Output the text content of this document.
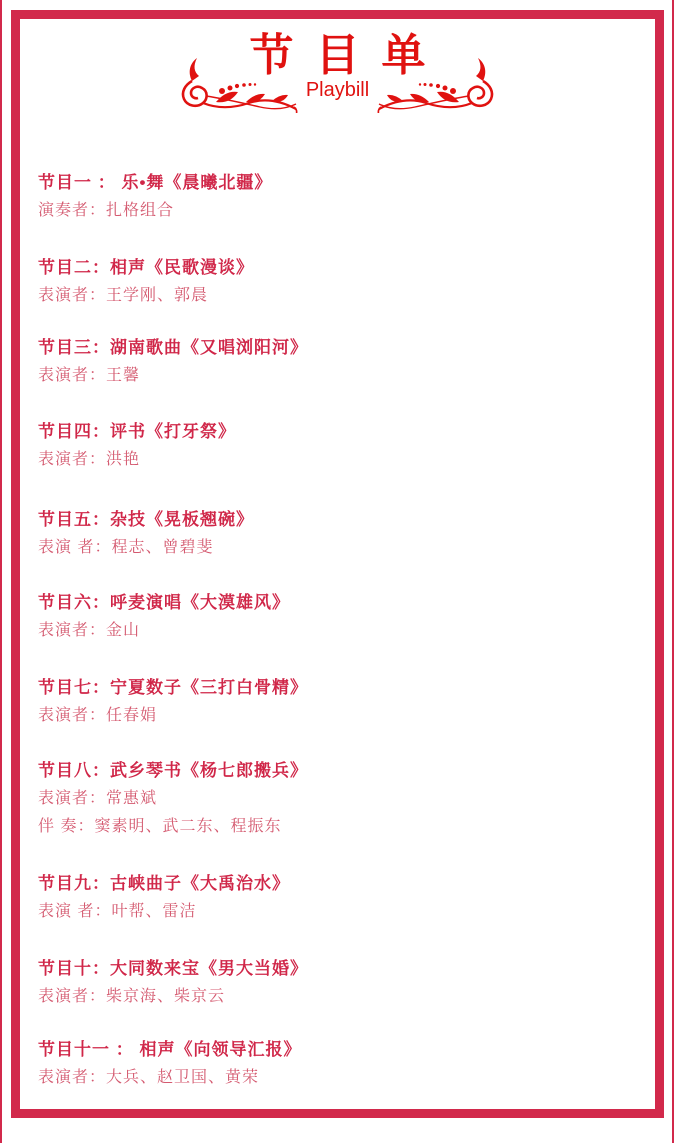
节目单
Playbill
节目一 ： 乐•舞《晨曦北疆》
演奏者：扎格组合
节目二：相声《民歌漫谈》
表演者：王学刚、郭晨
节目三：湖南歌曲《又唱浏阳河》
表演者：王馨
节目四：评书《打牙祭》
表演者：洪艳
节目五：杂技《晃板翘碗》
表演 者：程志、曾碧斐
节目六：呼麦演唱《大漠雄风》
表演者：金山
节目七：宁夏数子《三打白骨精》
表演者：任春娟
节目八：武乡琴书《杨七郎搬兵》
表演者：常惠斌
伴 奏：窦素明、武二东、程振东
节目九：古峡曲子《大禹治水》
表演 者：叶帮、雷洁
节目十：大同数来宝《男大当婚》
表演者：柴京海、柴京云
节目十一 ： 相声《向领导汇报》
表演者：大兵、赵卫国、黄荣
